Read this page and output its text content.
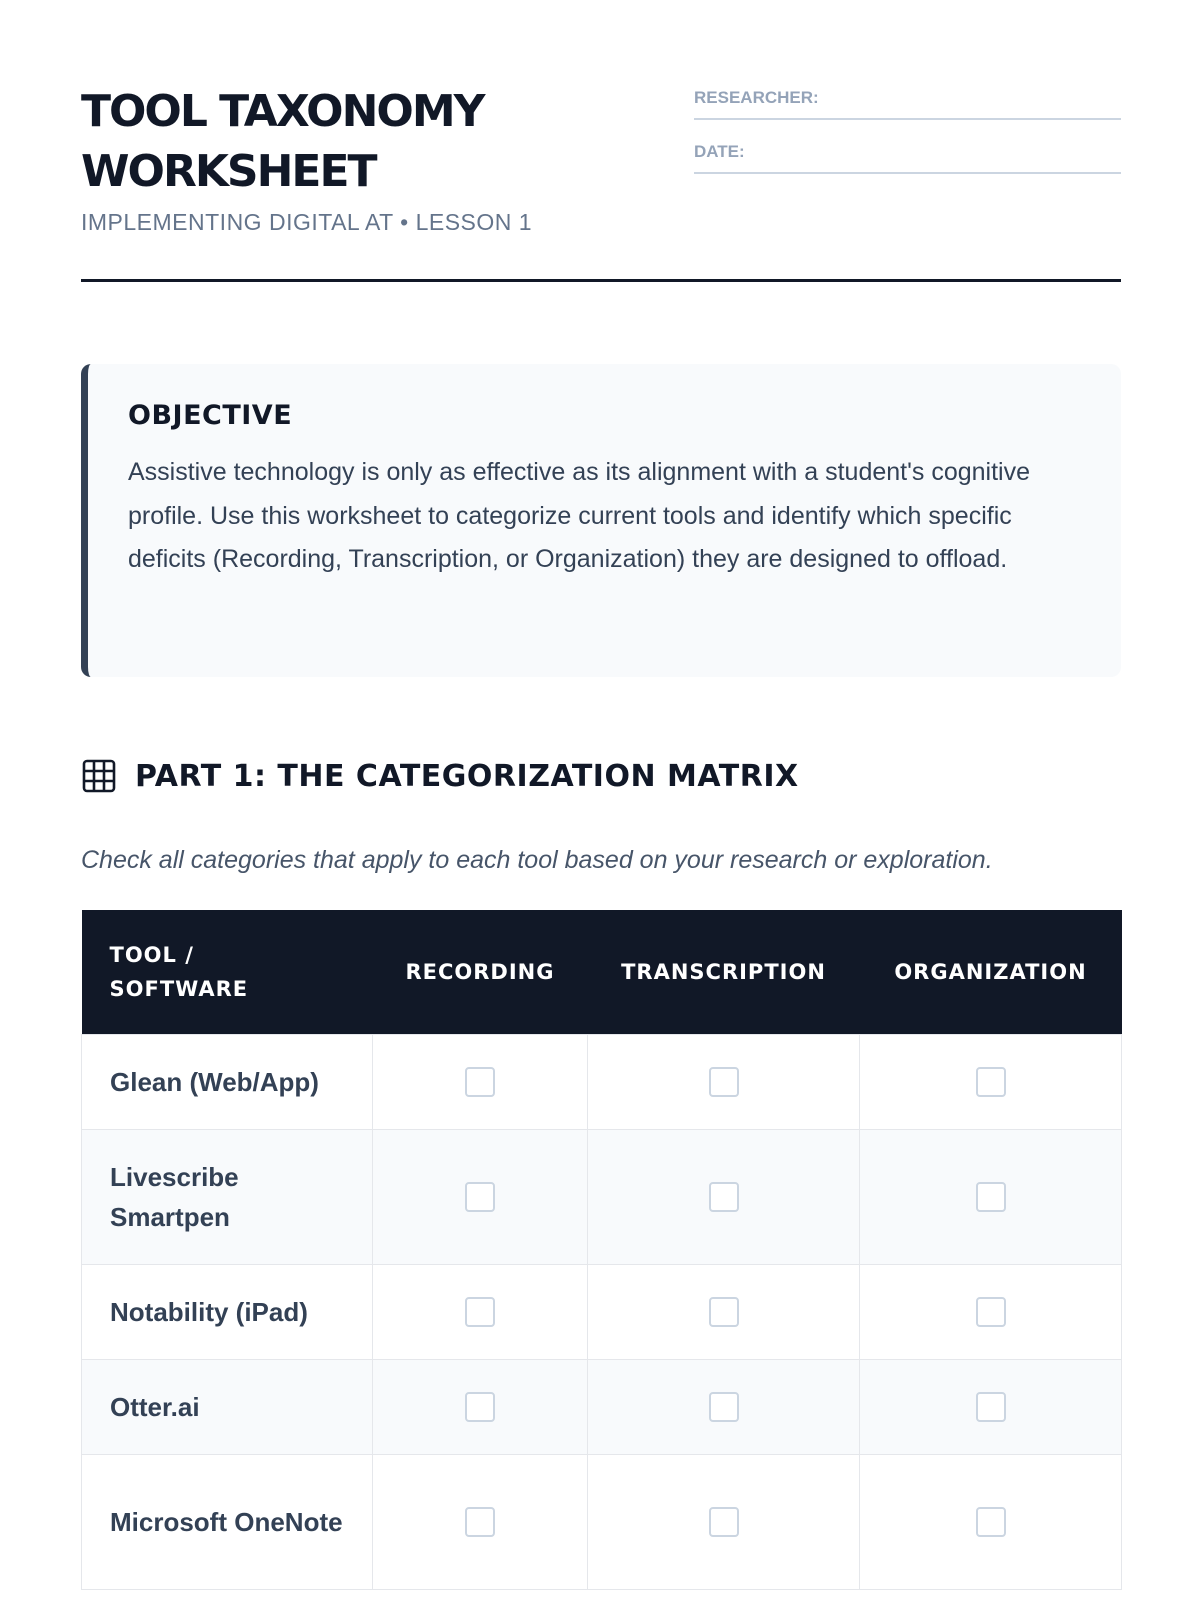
TOOL TAXONOMY
WORKSHEET
IMPLEMENTING DIGITAL AT • LESSON 1
RESEARCHER:
DATE:
OBJECTIVE

Assistive technology is only as effective as its alignment with a student's cognitive profile. Use this worksheet to categorize current tools and identify which specific deficits (Recording, Transcription, or Organization) they are designed to offload.

PART 1: THE CATEGORIZATION MATRIX
Check all categories that apply to each tool based on your research or exploration.
TOOL /
SOFTWARE	RECORDING	TRANSCRIPTION	ORGANIZATION
Glean (Web/App)			
Livescribe Smartpen			
Notability (iPad)			
Otter.ai			
Microsoft OneNote			
